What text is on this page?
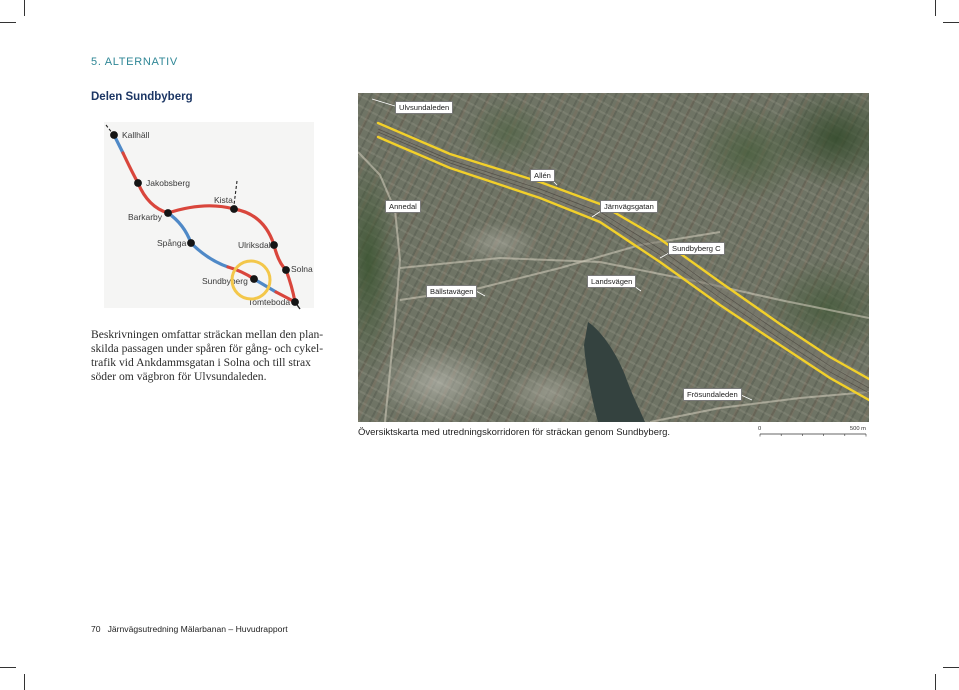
5. ALTERNATIV
Delen Sundbyberg
Kallhäll
Jakobsberg
Barkarby
Kista
Spånga	Ulriksdal
Solna
Sundbyberg
Tomteboda
Beskrivningen omfattar sträckan mellan den plan-
skilda passagen under spåren för gång- och cykel-
trafik vid Ankdammsgatan i Solna och till strax
söder om vägbron för Ulvsundaleden.
Ulvsundaleden
Allén
Annedal	Järnvägsgatan
Sundbyberg C
Landsvägen
Bällstavägen
Frösundaleden
Översiktskarta med utredningskorridoren för sträckan genom Sundbyberg.	0	500 m
70 Järnvägsutredning Mälarbanan – Huvudrapport
